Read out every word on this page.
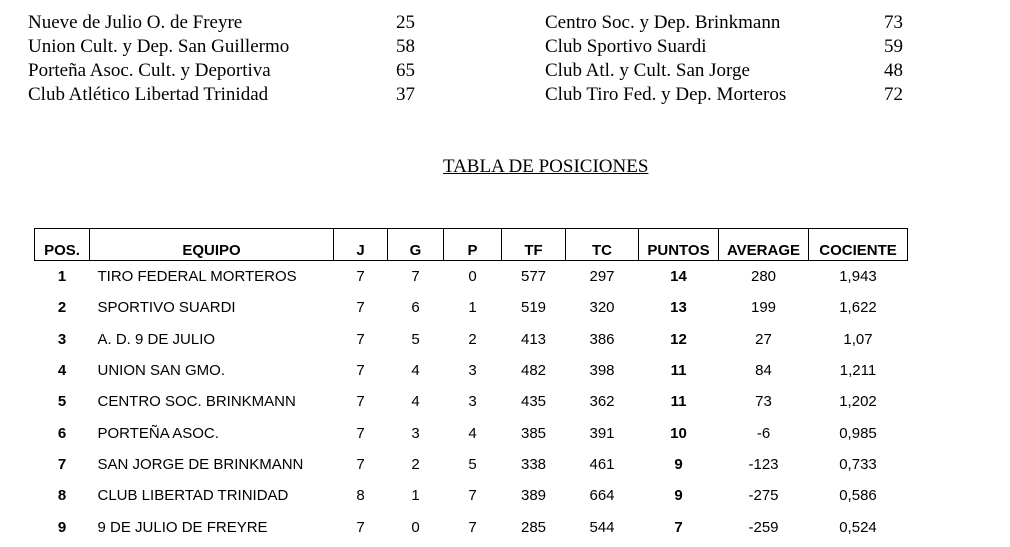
Nueve de Julio O. de Freyre	25	Centro Soc. y Dep. Brinkmann	73
Union Cult. y Dep. San Guillermo	58	Club Sportivo Suardi	59
Porteña Asoc. Cult. y Deportiva	65	Club Atl. y Cult. San Jorge	48
Club Atlético Libertad Trinidad	37	Club Tiro Fed. y Dep. Morteros	72
TABLA DE POSICIONES
POS.	EQUIPO	J	G	P	TF	TC	PUNTOS	AVERAGE	COCIENTE
1	TIRO FEDERAL MORTEROS	7	7	0	577	297	14	280	1,943
2	SPORTIVO SUARDI	7	6	1	519	320	13	199	1,622
3	A. D. 9 DE JULIO	7	5	2	413	386	12	27	1,07
4	UNION SAN GMO.	7	4	3	482	398	11	84	1,211
5	CENTRO SOC. BRINKMANN	7	4	3	435	362	11	73	1,202
6	PORTEÑA ASOC.	7	3	4	385	391	10	-6	0,985
7	SAN JORGE DE BRINKMANN	7	2	5	338	461	9	-123	0,733
8	CLUB LIBERTAD TRINIDAD	8	1	7	389	664	9	-275	0,586
9	9 DE JULIO DE FREYRE	7	0	7	285	544	7	-259	0,524
